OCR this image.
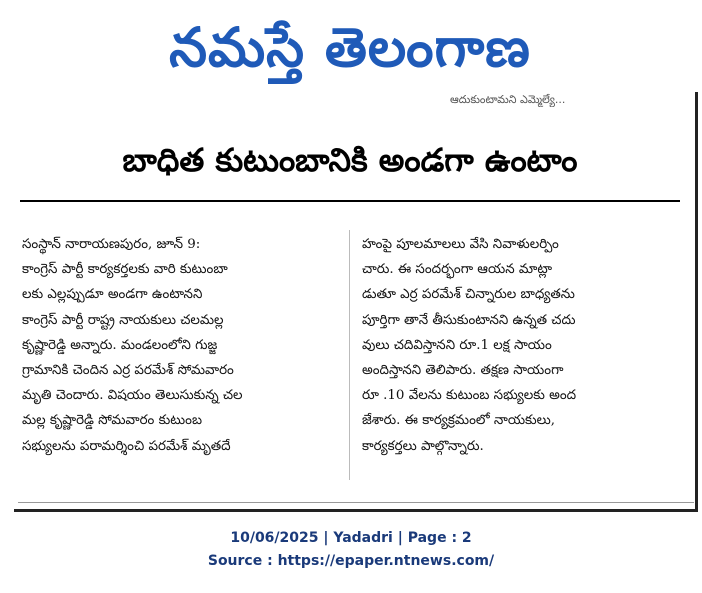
నమస్తే తెలంగాణ
ఆదుకుంటామని ఎమ్మెల్యే...
బాధిత కుటుంబానికి అండగా ఉంటాం
సంస్థాన్ నారాయణపురం, జూన్ 9:
కాంగ్రెస్ పార్టీ కార్యకర్తలకు వారి కుటుంబా
లకు ఎల్లప్పుడూ అండగా ఉంటానని
కాంగ్రెస్ పార్టీ రాష్ట్ర నాయకులు చలమల్ల
కృష్ణారెడ్డి అన్నారు. మండలంలోని గుజ్జ
గ్రామానికి చెందిన ఎర్ర పరమేశ్ సోమవారం
మృతి చెందారు. విషయం తెలుసుకున్న చల
మల్ల కృష్ణారెడ్డి సోమవారం కుటుంబ
సభ్యులను పరామర్శించి పరమేశ్ మృతదే
హంపై పూలమాలలు వేసి నివాళులర్పిం
చారు. ఈ సందర్భంగా ఆయన మాట్లా
డుతూ ఎర్ర పరమేశ్ చిన్నారుల బాధ్యతను
పూర్తిగా తానే తీసుకుంటానని ఉన్నత చదు
వులు చదివిస్తానని రూ.1 లక్ష సాయం
అందిస్తానని తెలిపారు. తక్షణ సాయంగా
రూ .10 వేలను కుటుంబ సభ్యులకు అంద
జేశారు. ఈ కార్యక్రమంలో నాయకులు,
కార్యకర్తలు పాల్గొన్నారు.
10/06/2025 | Yadadri | Page : 2
Source : https://epaper.ntnews.com/
